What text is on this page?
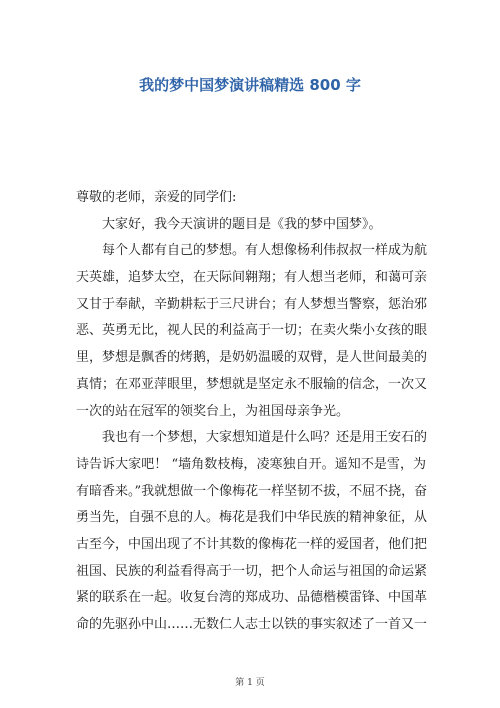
我的梦中国梦演讲稿精选 800 字
尊敬的老师，亲爱的同学们:
大家好，我今天演讲的题目是《我的梦中国梦》。
每个人都有自己的梦想。有人想像杨利伟叔叔一样成为航
天英雄，追梦太空，在天际间翱翔；有人想当老师，和蔼可亲
又甘于奉献，辛勤耕耘于三尺讲台；有人梦想当警察，惩治邪
恶、英勇无比，视人民的利益高于一切；在卖火柴小女孩的眼
里，梦想是飘香的烤鹅，是奶奶温暖的双臂，是人世间最美的
真情；在邓亚萍眼里，梦想就是坚定永不服输的信念，一次又
一次的站在冠军的领奖台上，为祖国母亲争光。
我也有一个梦想，大家想知道是什么吗？还是用王安石的
诗告诉大家吧！ “墙角数枝梅，凌寒独自开。遥知不是雪，为
有暗香来。”我就想做一个像梅花一样坚韧不拔，不屈不挠，奋
勇当先，自强不息的人。梅花是我们中华民族的精神象征，从
古至今，中国出现了不计其数的像梅花一样的爱国者，他们把
祖国、民族的利益看得高于一切，把个人命运与祖国的命运紧
紧的联系在一起。收复台湾的郑成功、品德楷模雷锋、中国革
命的先驱孙中山……无数仁人志士以铁的事实叙述了一首又一
第 1 页
